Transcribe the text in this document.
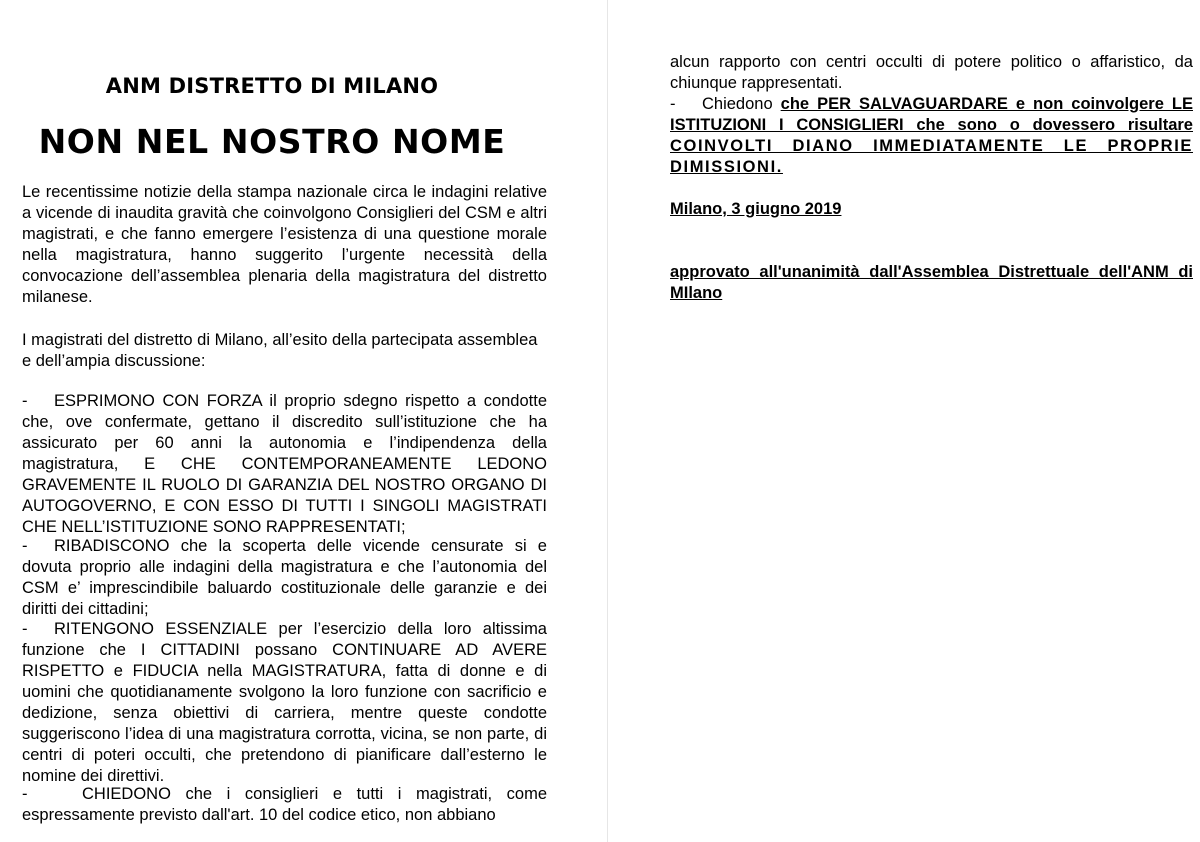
ANM DISTRETTO DI MILANO
NON NEL NOSTRO NOME

Le recentissime notizie della stampa nazionale circa le indagini relative a vicende di inaudita gravità che coinvolgono Consiglieri del CSM e altri magistrati, e che fanno emergere l’esistenza di una questione morale nella magistratura, hanno suggerito l’urgente necessità della convocazione dell’assemblea plenaria della magistratura del distretto milanese.

I magistrati del distretto di Milano, all’esito della partecipata assemblea e dell’ampia discussione:

- ESPRIMONO CON FORZA il proprio sdegno rispetto a condotte che, ove confermate, gettano il discredito sull’istituzione che ha assicurato per 60 anni la autonomia e l’indipendenza della magistratura, E CHE CONTEMPORANEAMENTE LEDONO GRAVEMENTE IL RUOLO DI GARANZIA DEL NOSTRO ORGANO DI AUTOGOVERNO, E CON ESSO DI TUTTI I SINGOLI MAGISTRATI CHE NELL’ISTITUZIONE SONO RAPPRESENTATI;

- RIBADISCONO che la scoperta delle vicende censurate si e dovuta proprio alle indagini della magistratura e che l’autonomia del CSM e’ imprescindibile baluardo costituzionale delle garanzie e dei diritti dei cittadini;

- RITENGONO ESSENZIALE per l’esercizio della loro altissima funzione che I CITTADINI possano CONTINUARE AD AVERE RISPETTO e FIDUCIA nella MAGISTRATURA, fatta di donne e di uomini che quotidianamente svolgono la loro funzione con sacrificio e dedizione, senza obiettivi di carriera, mentre queste condotte suggeriscono l’idea di una magistratura corrotta, vicina, se non parte, di centri di poteri occulti, che pretendono di pianificare dall’esterno le nomine dei direttivi.

-	CHIEDONO che i consiglieri e tutti i magistrati, come espressamente previsto dall'art. 10 del codice etico, non abbiano

alcun rapporto con centri occulti di potere politico o affaristico, da chiunque rappresentati.

- Chiedono che PER SALVAGUARDARE e non coinvolgere LE ISTITUZIONI I CONSIGLIERI che sono o dovessero risultare COINVOLTI DIANO IMMEDIATAMENTE LE PROPRIE DIMISSIONI.

Milano, 3 giugno 2019

approvato all'unanimità dall'Assemblea Distrettuale dell'ANM di MIlano
